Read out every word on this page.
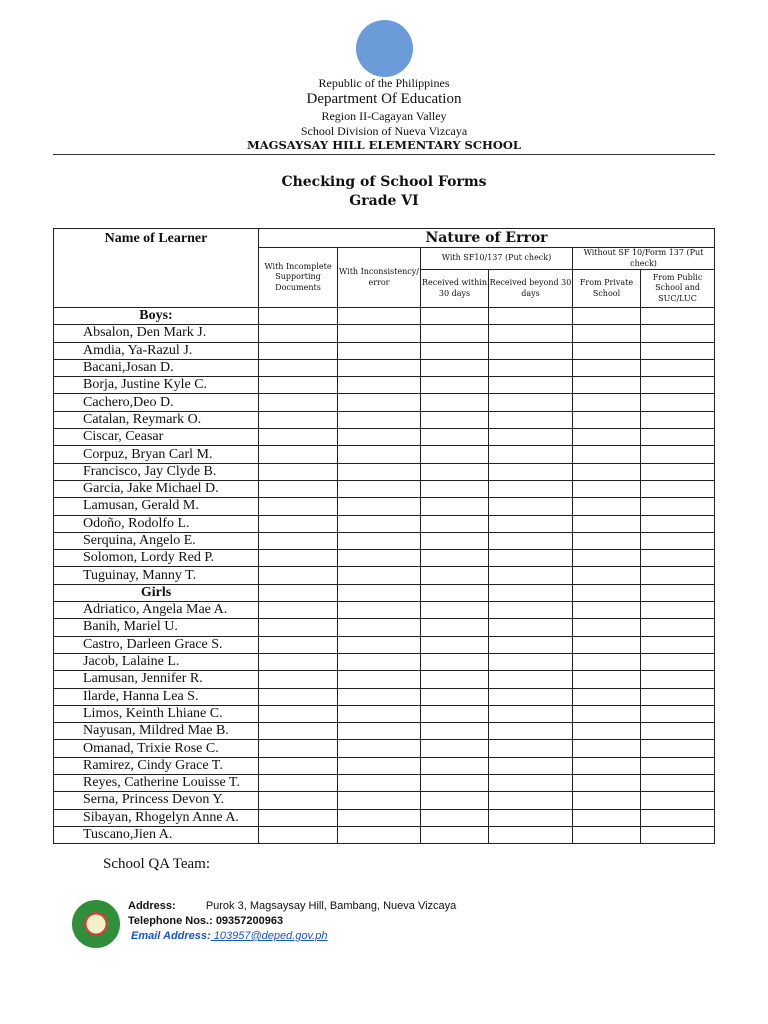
Republic of the Philippines
Department Of Education
Region II-Cagayan Valley
School Division of Nueva Vizcaya
MAGSAYSAY HILL ELEMENTARY SCHOOL
Checking of School Forms
Grade VI
Name of Learner	Nature of Error					
	With Incomplete Supporting Documents	With Inconsistency/ error	With SF10/137 (Put check)		Without SF 10/Form 137 (Put check)	
			Received within 30 days	Received beyond 30 days	From Private School	From Public School and SUC/LUC
Boys:						
Absalon, Den Mark J.						
Amdia, Ya-Razul J.						
Bacani,Josan D.						
Borja, Justine Kyle C.						
Cachero,Deo D.						
Catalan, Reymark O.						
Ciscar, Ceasar						
Corpuz, Bryan Carl M.						
Francisco, Jay Clyde B.						
Garcia, Jake Michael D.						
Lamusan, Gerald M.						
Odoño, Rodolfo L.						
Serquina, Angelo E.						
Solomon, Lordy Red P.						
Tuguinay, Manny T.						
Girls						
Adriatico, Angela Mae A.						
Banih, Mariel U.						
Castro, Darleen Grace S.						
Jacob, Lalaine L.						
Lamusan, Jennifer R.						
Ilarde, Hanna Lea S.						
Limos, Keinth Lhiane C.						
Nayusan, Mildred Mae B.						
Omanad, Trixie Rose C.						
Ramirez, Cindy Grace T.						
Reyes, Catherine Louisse T.						
Serna, Princess Devon Y.						
Sibayan, Rhogelyn Anne A.						
Tuscano,Jien A.						
School QA Team:
Address:	Purok 3, Magsaysay Hill, Bambang, Nueva Vizcaya
Telephone Nos.: 09357200963
Email Address: 103957@deped.gov.ph
